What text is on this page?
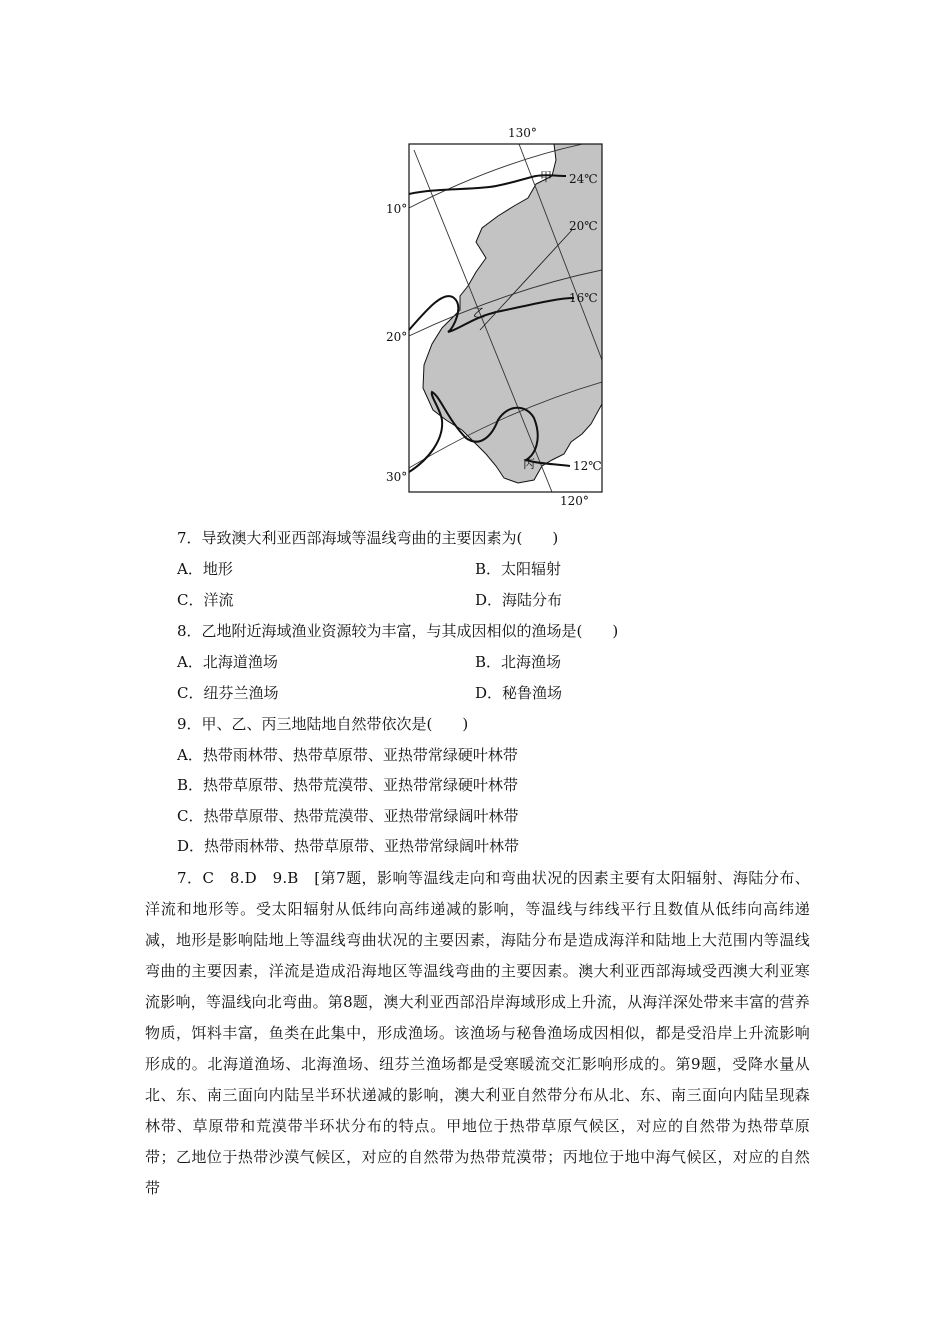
130°
120°
10°
20°
30°
24℃
20℃
16℃
12℃
甲
乙
丙
7．导致澳大利亚西部海域等温线弯曲的主要因素为(　　)
A．地形	B．太阳辐射
C．洋流	D．海陆分布
8．乙地附近海域渔业资源较为丰富，与其成因相似的渔场是(　　)
A．北海道渔场	B．北海渔场
C．纽芬兰渔场	D．秘鲁渔场
9．甲、乙、丙三地陆地自然带依次是(　　)
A．热带雨林带、热带草原带、亚热带常绿硬叶林带
B．热带草原带、热带荒漠带、亚热带常绿硬叶林带
C．热带草原带、热带荒漠带、亚热带常绿阔叶林带
D．热带雨林带、热带草原带、亚热带常绿阔叶林带
7．C　8.D　9.B　[第7题，影响等温线走向和弯曲状况的因素主要有太阳辐射、海陆分布、洋流和地形等。受太阳辐射从低纬向高纬递减的影响，等温线与纬线平行且数值从低纬向高纬递减，地形是影响陆地上等温线弯曲状况的主要因素，海陆分布是造成海洋和陆地上大范围内等温线弯曲的主要因素，洋流是造成沿海地区等温线弯曲的主要因素。澳大利亚西部海域受西澳大利亚寒流影响，等温线向北弯曲。第8题，澳大利亚西部沿岸海域形成上升流，从海洋深处带来丰富的营养物质，饵料丰富，鱼类在此集中，形成渔场。该渔场与秘鲁渔场成因相似，都是受沿岸上升流影响形成的。北海道渔场、北海渔场、纽芬兰渔场都是受寒暖流交汇影响形成的。第9题，受降水量从北、东、南三面向内陆呈半环状递减的影响，澳大利亚自然带分布从北、东、南三面向内陆呈现森林带、草原带和荒漠带半环状分布的特点。甲地位于热带草原气候区，对应的自然带为热带草原带；乙地位于热带沙漠气候区，对应的自然带为热带荒漠带；丙地位于地中海气候区，对应的自然带
